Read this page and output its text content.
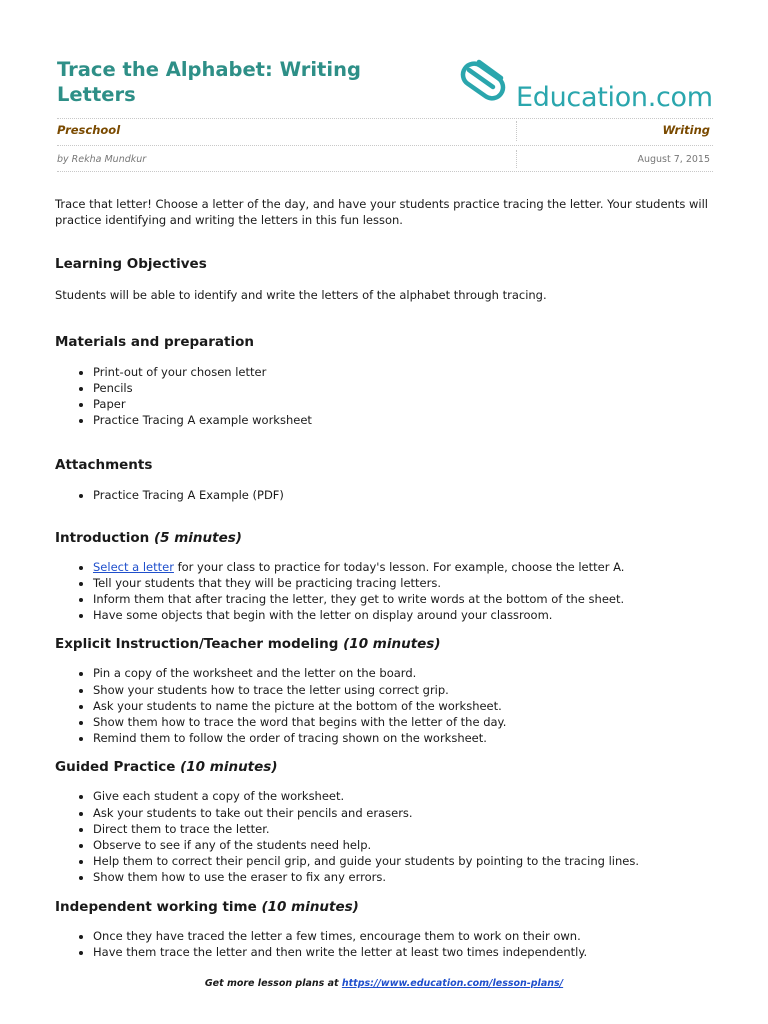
Trace the Alphabet: Writing Letters	Education.com
Preschool	Writing
by Rekha Mundkur	August 7, 2015

Trace that letter! Choose a letter of the day, and have your students practice tracing the letter. Your students will practice identifying and writing the letters in this fun lesson.

Learning Objectives

Students will be able to identify and write the letters of the alphabet through tracing.

Materials and preparation
• Print-out of your chosen letter
• Pencils
• Paper
• Practice Tracing A example worksheet
Attachments
• Practice Tracing A Example (PDF)
Introduction (5 minutes)
• Select a letter for your class to practice for today's lesson. For example, choose the letter A.
• Tell your students that they will be practicing tracing letters.
• Inform them that after tracing the letter, they get to write words at the bottom of the sheet.
• Have some objects that begin with the letter on display around your classroom.
Explicit Instruction/Teacher modeling (10 minutes)
• Pin a copy of the worksheet and the letter on the board.
• Show your students how to trace the letter using correct grip.
• Ask your students to name the picture at the bottom of the worksheet.
• Show them how to trace the word that begins with the letter of the day.
• Remind them to follow the order of tracing shown on the worksheet.
Guided Practice (10 minutes)
• Give each student a copy of the worksheet.
• Ask your students to take out their pencils and erasers.
• Direct them to trace the letter.
• Observe to see if any of the students need help.
• Help them to correct their pencil grip, and guide your students by pointing to the tracing lines.
• Show them how to use the eraser to fix any errors.
Independent working time (10 minutes)
• Once they have traced the letter a few times, encourage them to work on their own.
• Have them trace the letter and then write the letter at least two times independently.
Get more lesson plans at https://www.education.com/lesson-plans/
